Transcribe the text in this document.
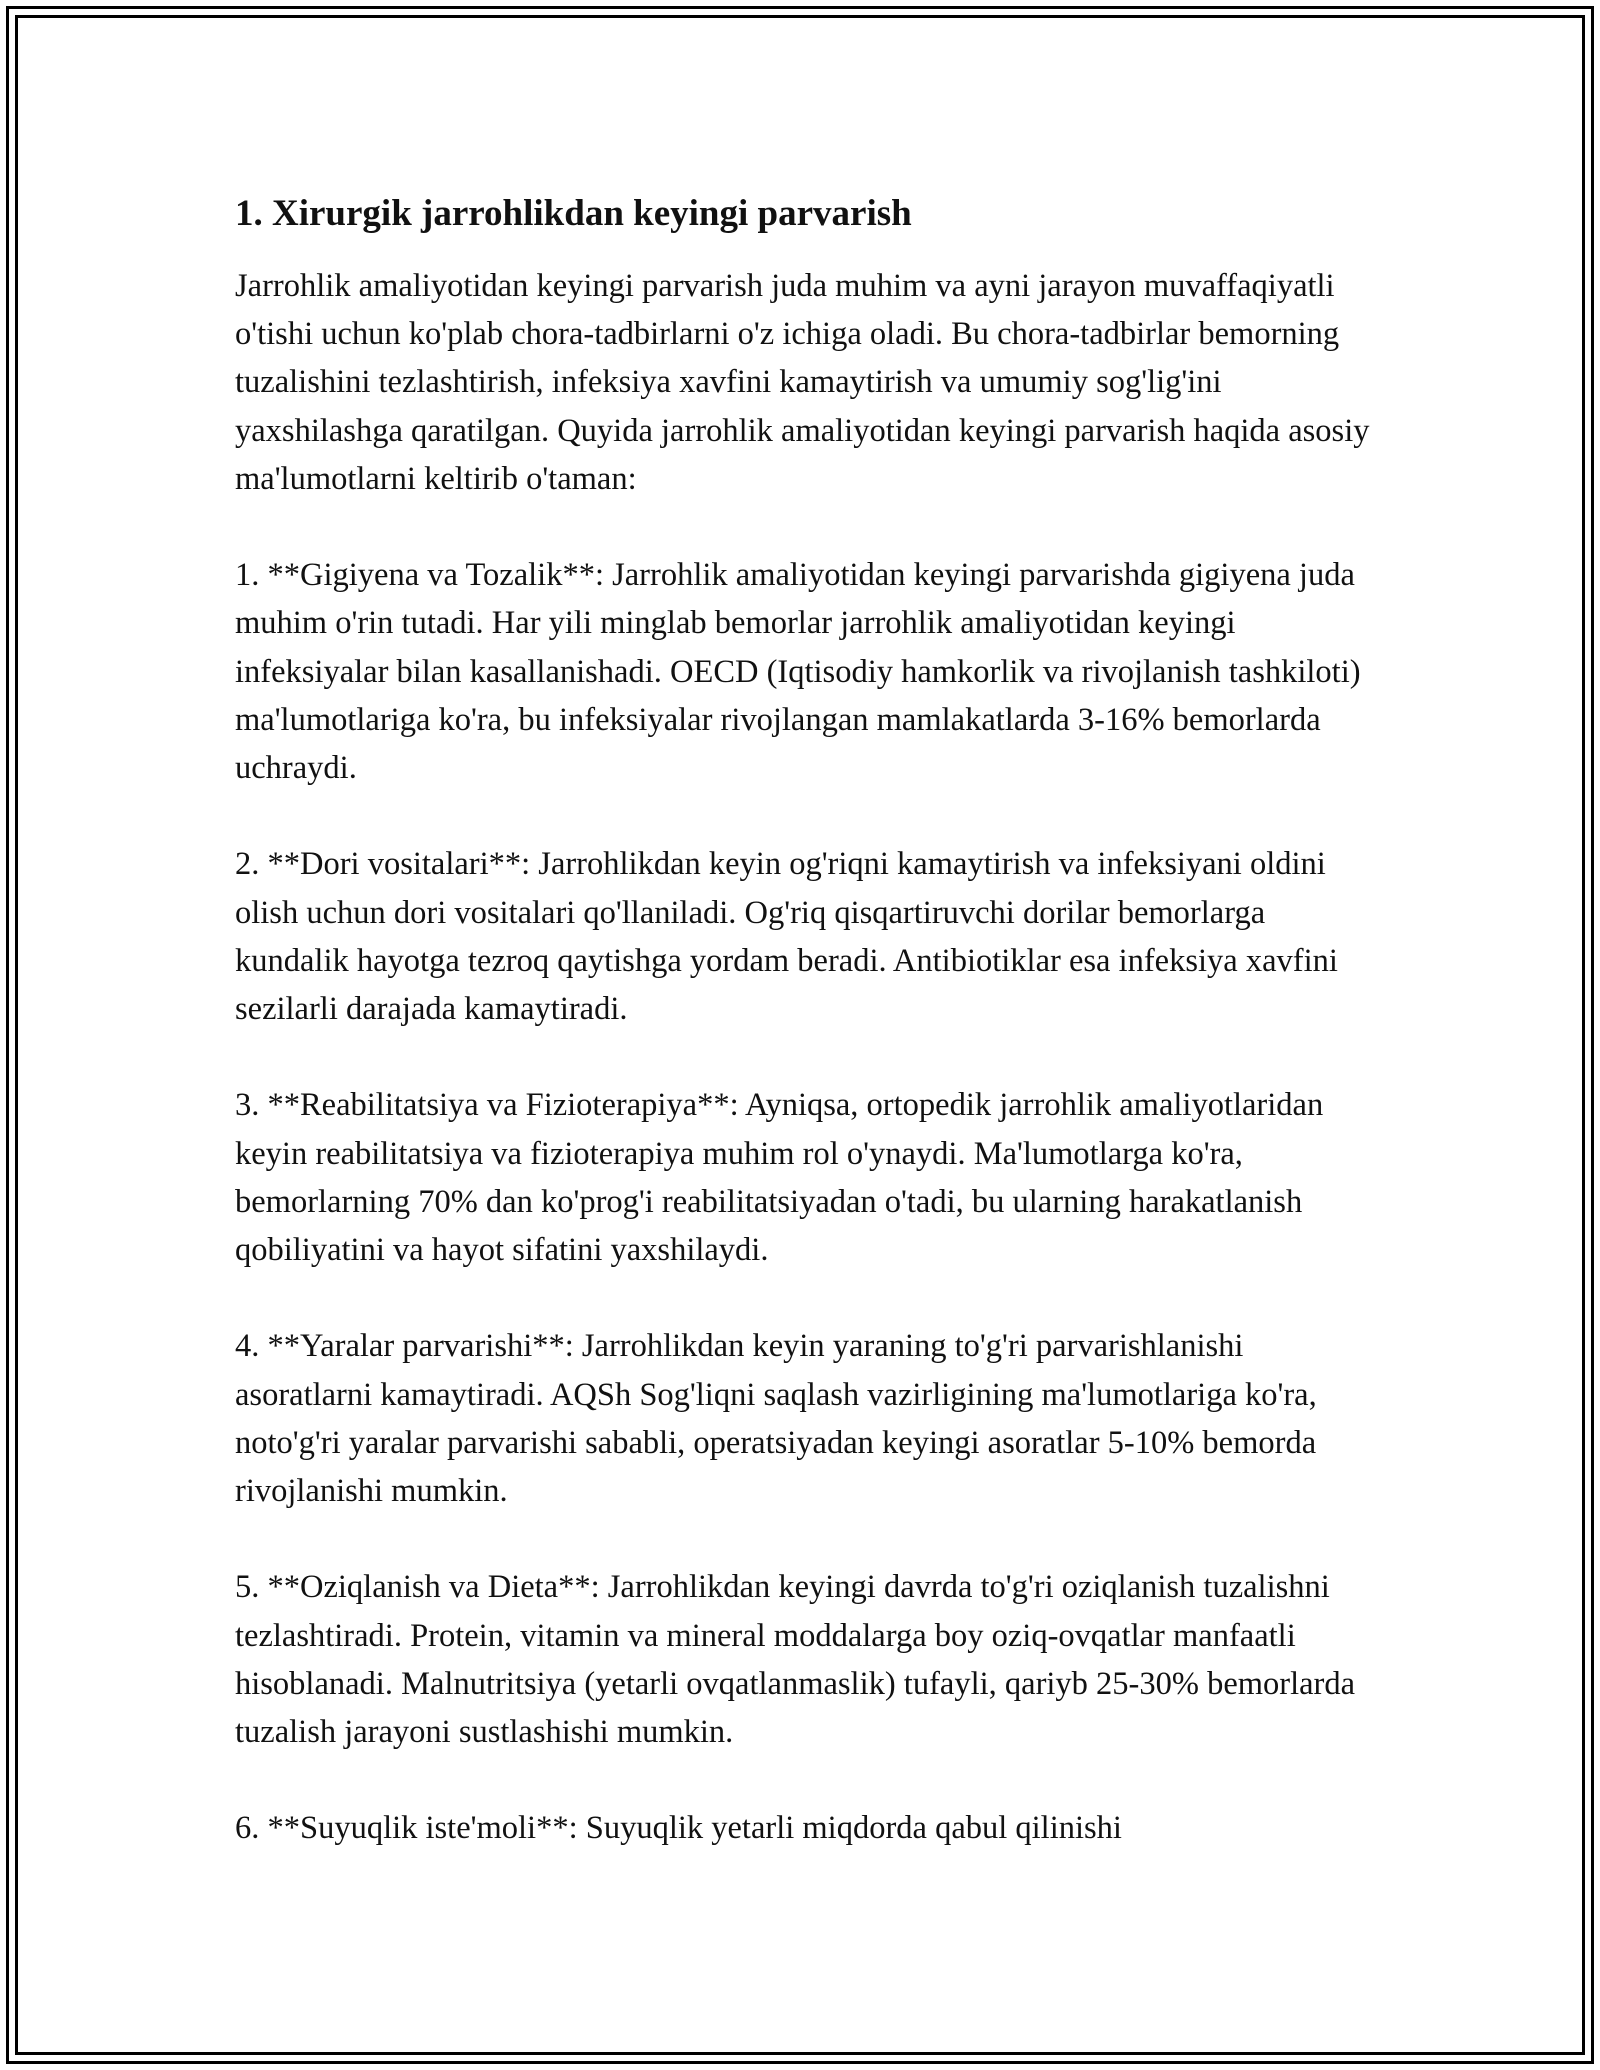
1. Xirurgik jarrohlikdan keyingi parvarish

Jarrohlik amaliyotidan keyingi parvarish juda muhim va ayni jarayon muvaffaqiyatli o'tishi uchun ko'plab chora-tadbirlarni o'z ichiga oladi. Bu chora-tadbirlar bemorning tuzalishini tezlashtirish, infeksiya xavfini kamaytirish va umumiy sog'lig'ini yaxshilashga qaratilgan. Quyida jarrohlik amaliyotidan keyingi parvarish haqida asosiy ma'lumotlarni keltirib o'taman:

1. **Gigiyena va Tozalik**: Jarrohlik amaliyotidan keyingi parvarishda gigiyena juda muhim o'rin tutadi. Har yili minglab bemorlar jarrohlik amaliyotidan keyingi infeksiyalar bilan kasallanishadi. OECD (Iqtisodiy hamkorlik va rivojlanish tashkiloti) ma'lumotlariga ko'ra, bu infeksiyalar rivojlangan mamlakatlarda 3-16% bemorlarda uchraydi.

2. **Dori vositalari**: Jarrohlikdan keyin og'riqni kamaytirish va infeksiyani oldini olish uchun dori vositalari qo'llaniladi. Og'riq qisqartiruvchi dorilar bemorlarga kundalik hayotga tezroq qaytishga yordam beradi. Antibiotiklar esa infeksiya xavfini sezilarli darajada kamaytiradi.

3. **Reabilitatsiya va Fizioterapiya**: Ayniqsa, ortopedik jarrohlik amaliyotlaridan keyin reabilitatsiya va fizioterapiya muhim rol o'ynaydi. Ma'lumotlarga ko'ra, bemorlarning 70% dan ko'prog'i reabilitatsiyadan o'tadi, bu ularning harakatlanish qobiliyatini va hayot sifatini yaxshilaydi.

4. **Yaralar parvarishi**: Jarrohlikdan keyin yaraning to'g'ri parvarishlanishi asoratlarni kamaytiradi. AQSh Sog'liqni saqlash vazirligining ma'lumotlariga ko'ra, noto'g'ri yaralar parvarishi sababli, operatsiyadan keyingi asoratlar 5-10% bemorda rivojlanishi mumkin.

5. **Oziqlanish va Dieta**: Jarrohlikdan keyingi davrda to'g'ri oziqlanish tuzalishni tezlashtiradi. Protein, vitamin va mineral moddalarga boy oziq-ovqatlar manfaatli hisoblanadi. Malnutritsiya (yetarli ovqatlanmaslik) tufayli, qariyb 25-30% bemorlarda tuzalish jarayoni sustlashishi mumkin.

6. **Suyuqlik iste'moli**: Suyuqlik yetarli miqdorda qabul qilinishi
